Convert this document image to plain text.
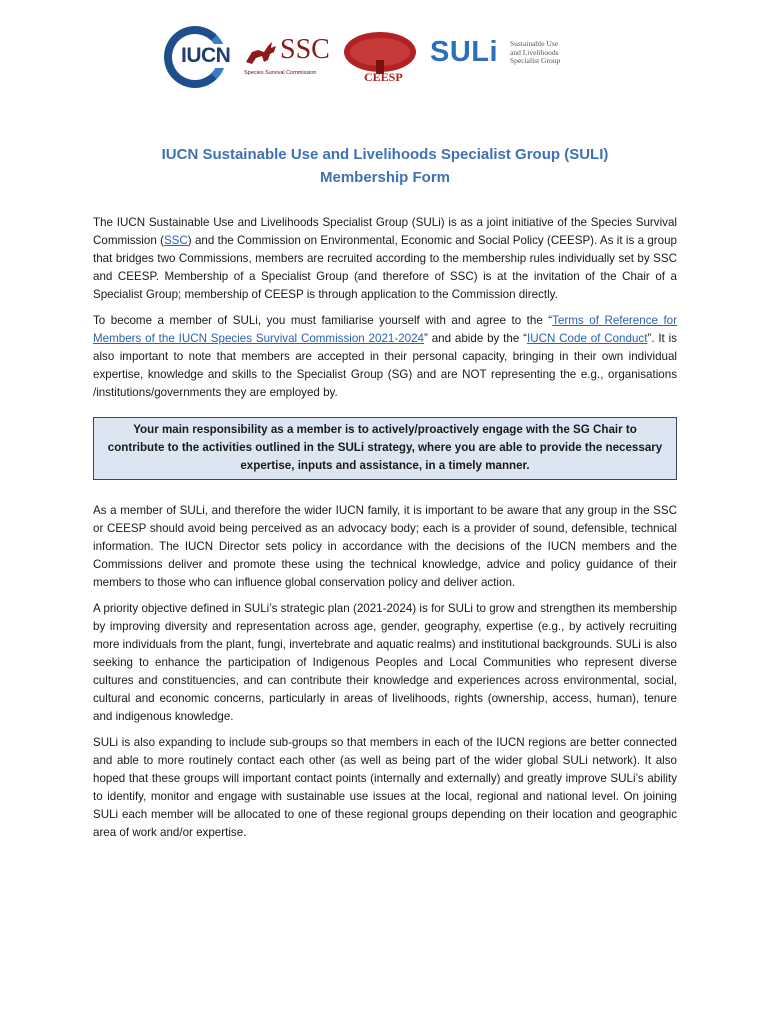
IUCN SSC
Species Survival Commission	CEESP
SULi Sustainable Use
and Livelihoods
Specialist Group
IUCN Sustainable Use and Livelihoods Specialist Group (SULI)
Membership Form

The IUCN Sustainable Use and Livelihoods Specialist Group (SULi) is as a joint initiative of the Species Survival Commission (SSC) and the Commission on Environmental, Economic and Social Policy (CEESP). As it is a group that bridges two Commissions, members are recruited according to the membership rules individually set by SSC and CEESP. Membership of a Specialist Group (and therefore of SSC) is at the invitation of the Chair of a Specialist Group; membership of CEESP is through application to the Commission directly.

To become a member of SULi, you must familiarise yourself with and agree to the “Terms of Reference for Members of the IUCN Species Survival Commission 2021-2024” and abide by the “IUCN Code of Conduct”. It is also important to note that members are accepted in their personal capacity, bringing in their own individual expertise, knowledge and skills to the Specialist Group (SG) and are NOT representing the e.g., organisations /institutions/governments they are employed by.

Your main responsibility as a member is to actively/proactively engage with the SG Chair to contribute to the activities outlined in the SULi strategy, where you are able to provide the necessary expertise, inputs and assistance, in a timely manner.

As a member of SULi, and therefore the wider IUCN family, it is important to be aware that any group in the SSC or CEESP should avoid being perceived as an advocacy body; each is a provider of sound, defensible, technical information. The IUCN Director sets policy in accordance with the decisions of the IUCN members and the Commissions deliver and promote these using the technical knowledge, advice and policy guidance of their members to those who can influence global conservation policy and deliver action.

A priority objective defined in SULi’s strategic plan (2021-2024) is for SULi to grow and strengthen its membership by improving diversity and representation across age, gender, geography, expertise (e.g., by actively recruiting more individuals from the plant, fungi, invertebrate and aquatic realms) and institutional backgrounds. SULi is also seeking to enhance the participation of Indigenous Peoples and Local Communities who represent diverse cultures and constituencies, and can contribute their knowledge and experiences across environmental, social, cultural and economic concerns, particularly in areas of livelihoods, rights (ownership, access, human), tenure and indigenous knowledge.

SULi is also expanding to include sub-groups so that members in each of the IUCN regions are better connected and able to more routinely contact each other (as well as being part of the wider global SULi network). It also hoped that these groups will important contact points (internally and externally) and greatly improve SULi’s ability to identify, monitor and engage with sustainable use issues at the local, regional and national level. On joining SULi each member will be allocated to one of these regional groups depending on their location and geographic area of work and/or expertise.
